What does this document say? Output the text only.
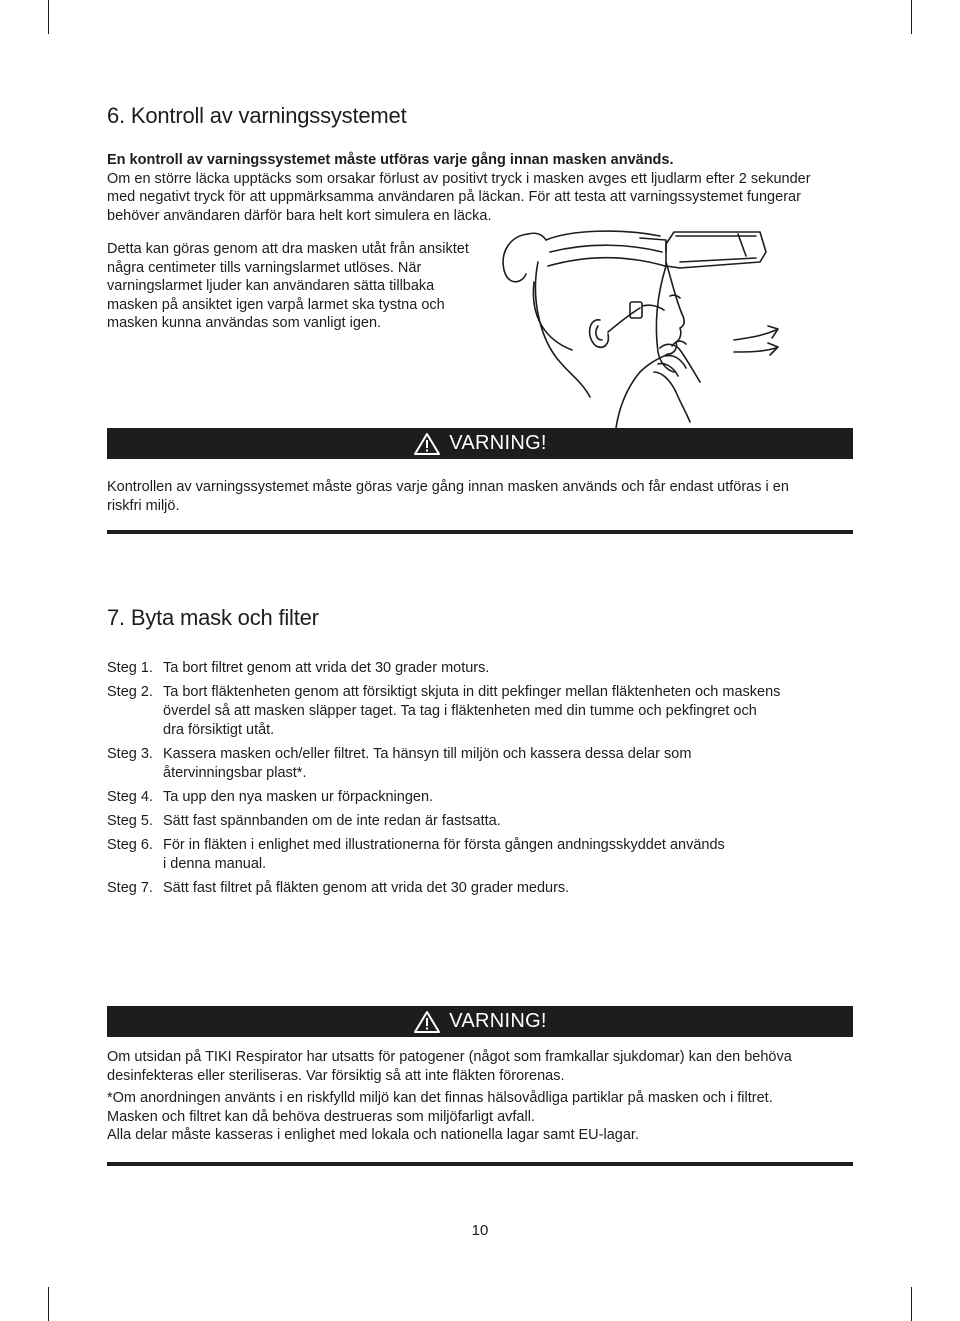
6. Kontroll av varningssystemet
En kontroll av varningssystemet måste utföras varje gång innan masken används.
Om en större läcka upptäcks som orsakar förlust av positivt tryck i masken avges ett ljudlarm efter 2 sekunder
med negativt tryck för att uppmärksamma användaren på läckan. För att testa att varningssystemet fungerar
behöver användaren därför bara helt kort simulera en läcka.
Detta kan göras genom att dra masken utåt från ansiktet
några centimeter tills varningslarmet utlöses. När
varningslarmet ljuder kan användaren sätta tillbaka
masken på ansiktet igen varpå larmet ska tystna och
masken kunna användas som vanligt igen.
VARNING!
Kontrollen av varningssystemet måste göras varje gång innan masken används och får endast utföras i en
riskfri miljö.
7. Byta mask och filter
Steg 1. Ta bort filtret genom att vrida det 30 grader moturs.
Steg 2. Ta bort fläktenheten genom att försiktigt skjuta in ditt pekfinger mellan fläktenheten och maskens
överdel så att masken släpper taget. Ta tag i fläktenheten med din tumme och pekfingret och
dra försiktigt utåt.
Steg 3. Kassera masken och/eller filtret. Ta hänsyn till miljön och kassera dessa delar som
återvinningsbar plast*.
Steg 4. Ta upp den nya masken ur förpackningen.
Steg 5. Sätt fast spännbanden om de inte redan är fastsatta.
Steg 6. För in fläkten i enlighet med illustrationerna för första gången andningsskyddet används
i denna manual.
Steg 7. Sätt fast filtret på fläkten genom att vrida det 30 grader medurs.
VARNING!
Om utsidan på TIKI Respirator har utsatts för patogener (något som framkallar sjukdomar) kan den behöva
desinfekteras eller steriliseras. Var försiktig så att inte fläkten förorenas.
*Om anordningen använts i en riskfylld miljö kan det finnas hälsovådliga partiklar på masken och i filtret.
Masken och filtret kan då behöva destrueras som miljöfarligt avfall.
Alla delar måste kasseras i enlighet med lokala och nationella lagar samt EU-lagar.
10
